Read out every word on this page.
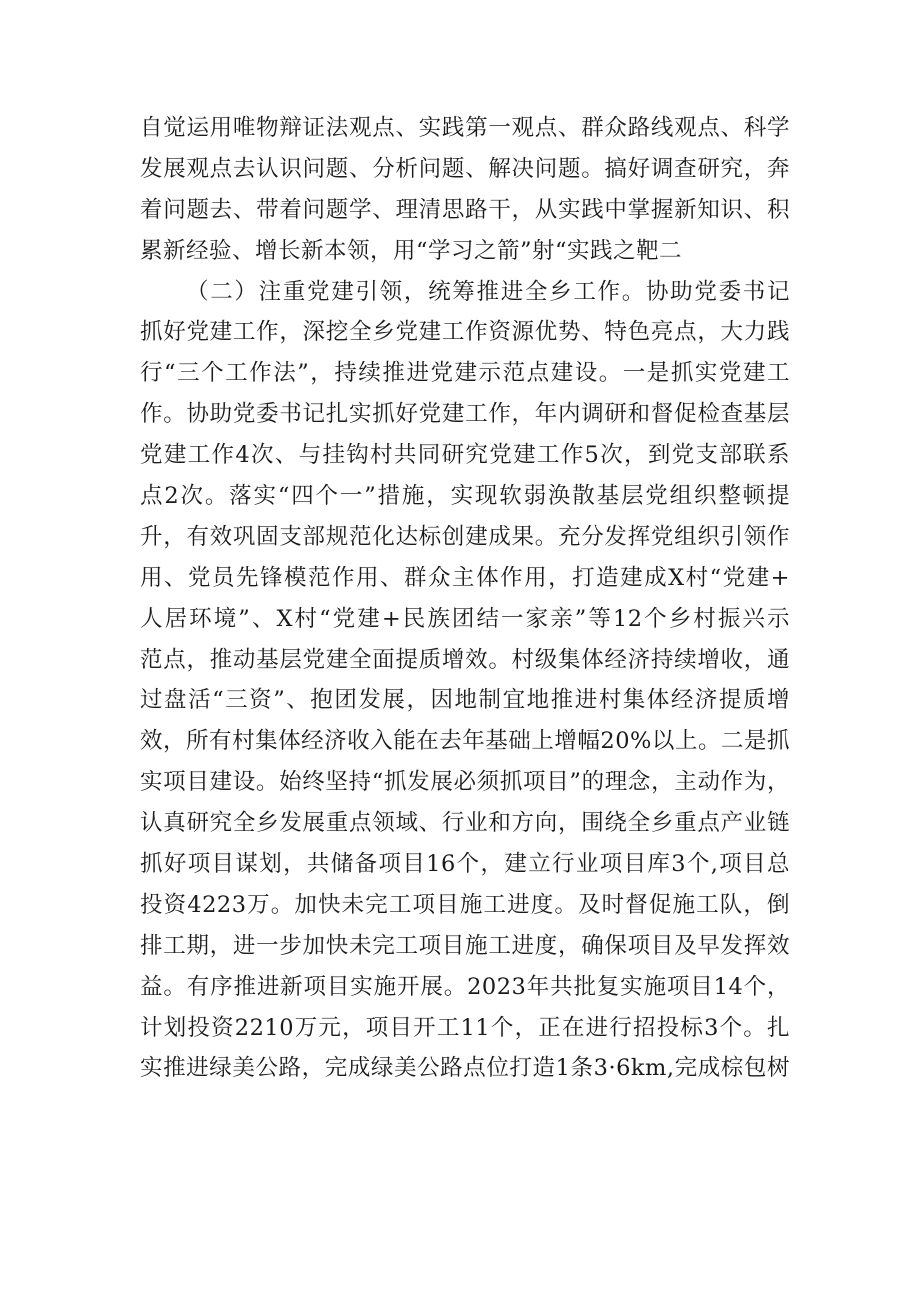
自觉运用唯物辩证法观点、实践第一观点、群众路线观点、科学
发展观点去认识问题、分析问题、解决问题。搞好调查研究，奔
着问题去、带着问题学、理清思路干，从实践中掌握新知识、积
累新经验、增长新本领，用“学习之箭”射“实践之靶二
（二）注重党建引领，统筹推进全乡工作。协助党委书记
抓好党建工作，深挖全乡党建工作资源优势、特色亮点，大力践
行“三个工作法”，持续推进党建示范点建设。一是抓实党建工
作。协助党委书记扎实抓好党建工作，年内调研和督促检查基层
党建工作4次、与挂钩村共同研究党建工作5次，到党支部联系
点2次。落实“四个一”措施，实现软弱涣散基层党组织整顿提
升，有效巩固支部规范化达标创建成果。充分发挥党组织引领作
用、党员先锋模范作用、群众主体作用，打造建成X村“党建+
人居环境”、X村“党建+民族团结一家亲”等12个乡村振兴示
范点，推动基层党建全面提质增效。村级集体经济持续增收，通
过盘活“三资”、抱团发展，因地制宜地推进村集体经济提质增
效，所有村集体经济收入能在去年基础上增幅20%以上。二是抓
实项目建设。始终坚持“抓发展必须抓项目”的理念，主动作为，
认真研究全乡发展重点领域、行业和方向，围绕全乡重点产业链
抓好项目谋划，共储备项目16个，建立行业项目库3个,项目总
投资4223万。加快未完工项目施工进度。及时督促施工队，倒
排工期，进一步加快未完工项目施工进度，确保项目及早发挥效
益。有序推进新项目实施开展。2023年共批复实施项目14个，
计划投资2210万元，项目开工11个，正在进行招投标3个。扎
实推进绿美公路，完成绿美公路点位打造1条3·6km,完成棕包树
